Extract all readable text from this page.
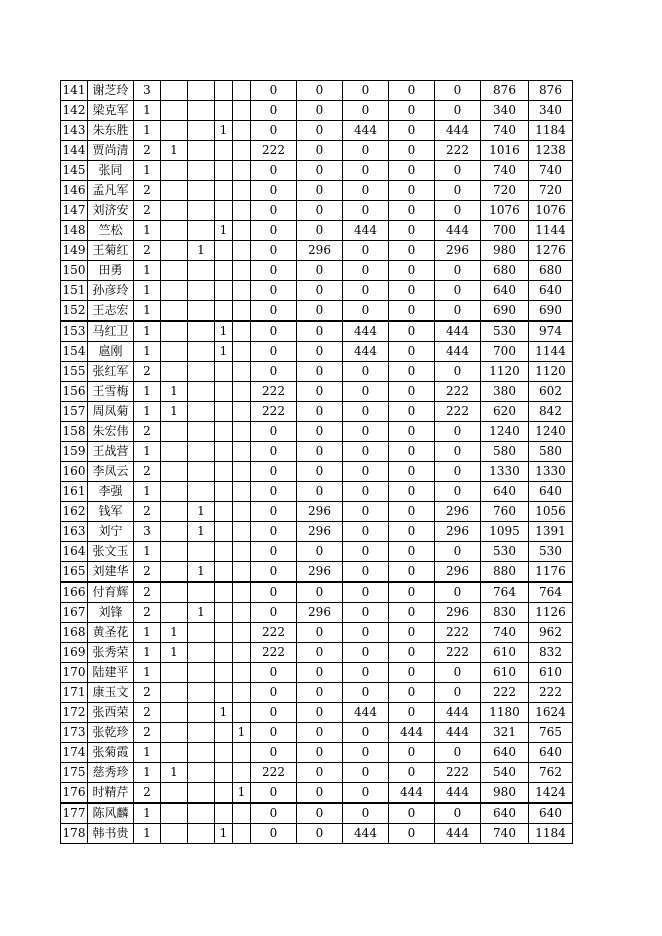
141	谢芝玲	3					0	0	0	0	0	876	876
142	梁克军	1					0	0	0	0	0	340	340
143	朱东胜	1			1		0	0	444	0	444	740	1184
144	贾尚清	2	1				222	0	0	0	222	1016	1238
145	张同	1					0	0	0	0	0	740	740
146	孟凡军	2					0	0	0	0	0	720	720
147	刘济安	2					0	0	0	0	0	1076	1076
148	竺松	1			1		0	0	444	0	444	700	1144
149	王菊红	2		1			0	296	0	0	296	980	1276
150	田勇	1					0	0	0	0	0	680	680
151	孙彦玲	1					0	0	0	0	0	640	640
152	王志宏	1					0	0	0	0	0	690	690
153	马红卫	1			1		0	0	444	0	444	530	974
154	扈刚	1			1		0	0	444	0	444	700	1144
155	张红军	2					0	0	0	0	0	1120	1120
156	王雪梅	1	1				222	0	0	0	222	380	602
157	周凤菊	1	1				222	0	0	0	222	620	842
158	朱宏伟	2					0	0	0	0	0	1240	1240
159	王战营	1					0	0	0	0	0	580	580
160	李凤云	2					0	0	0	0	0	1330	1330
161	李强	1					0	0	0	0	0	640	640
162	钱军	2		1			0	296	0	0	296	760	1056
163	刘宁	3		1			0	296	0	0	296	1095	1391
164	张文玉	1					0	0	0	0	0	530	530
165	刘建华	2		1			0	296	0	0	296	880	1176
166	付育辉	2					0	0	0	0	0	764	764
167	刘锋	2		1			0	296	0	0	296	830	1126
168	黄圣花	1	1				222	0	0	0	222	740	962
169	张秀荣	1	1				222	0	0	0	222	610	832
170	陆建平	1					0	0	0	0	0	610	610
171	康玉文	2					0	0	0	0	0	222	222
172	张西荣	2			1		0	0	444	0	444	1180	1624
173	张乾珍	2				1	0	0	0	444	444	321	765
174	张菊霞	1					0	0	0	0	0	640	640
175	慈秀珍	1	1				222	0	0	0	222	540	762
176	时精芹	2				1	0	0	0	444	444	980	1424
177	陈风麟	1					0	0	0	0	0	640	640
178	韩书贵	1			1		0	0	444	0	444	740	1184
